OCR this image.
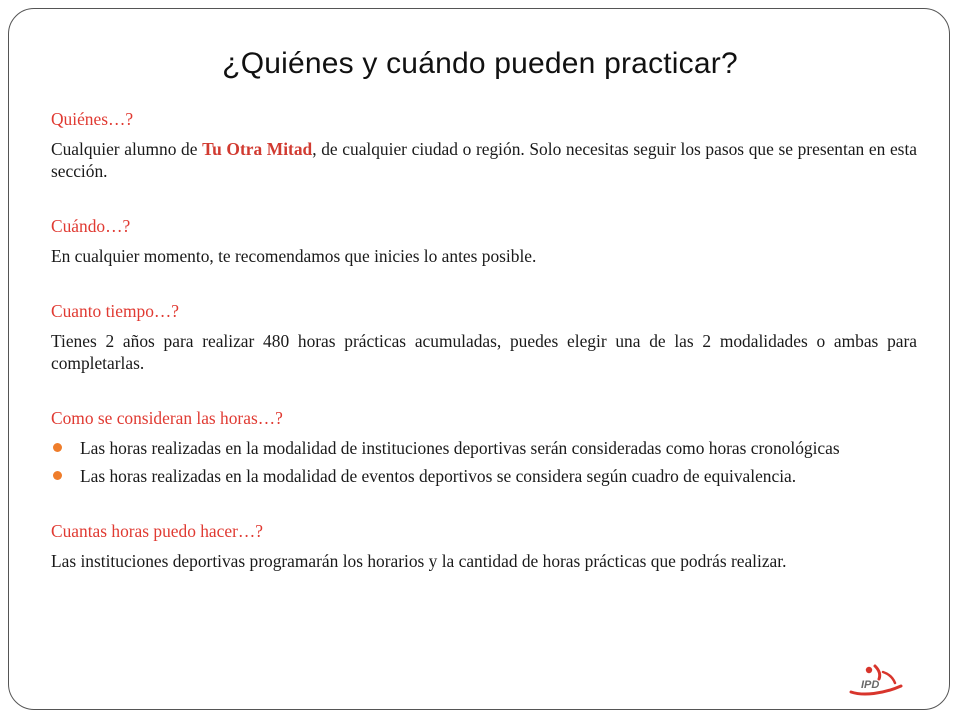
¿Quiénes y cuándo pueden practicar?

Quiénes…?

Cualquier alumno de Tu Otra Mitad, de cualquier ciudad o región. Solo necesitas seguir los pasos que se presentan en esta sección.

Cuándo…?

En cualquier momento, te recomendamos que inicies lo antes posible.

Cuanto tiempo…?

Tienes 2 años para realizar 480 horas prácticas acumuladas, puedes elegir una de las 2 modalidades o ambas para completarlas.

Como se consideran las horas…?

Las horas realizadas en la modalidad de instituciones deportivas serán consideradas como horas cronológicas
Las horas realizadas en la modalidad de eventos deportivos se considera según cuadro de equivalencia.

Cuantas horas puedo hacer…?

Las instituciones deportivas programarán los horarios y la cantidad de horas prácticas que podrás realizar.

IPD
